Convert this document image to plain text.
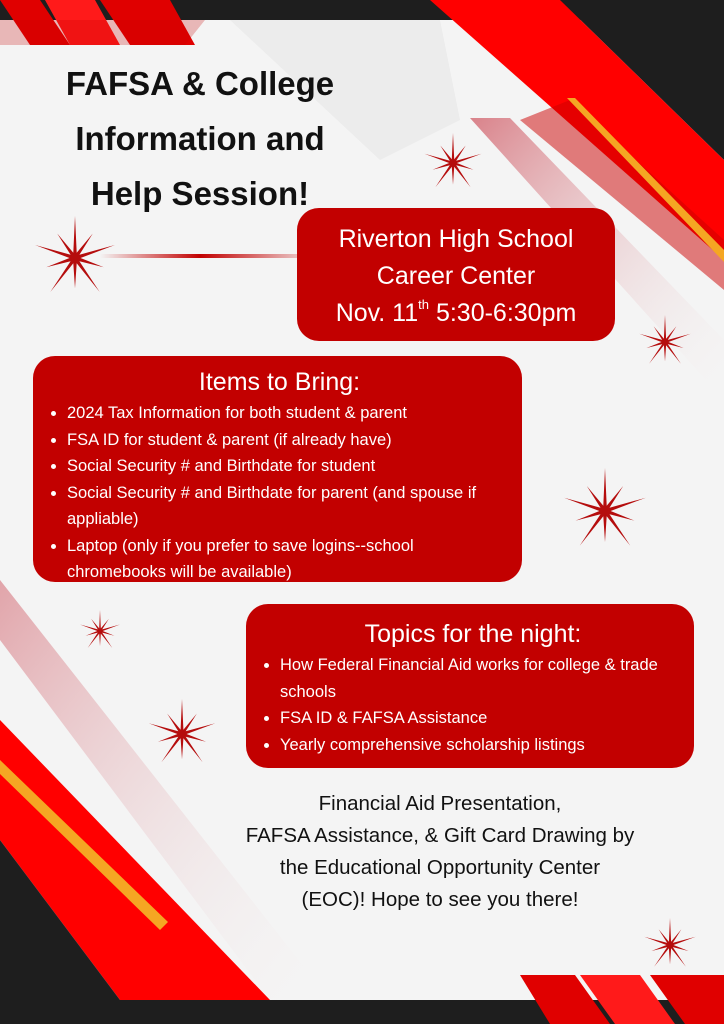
FAFSA & College
Information and
Help Session!
Riverton High School
Career Center
Nov. 11th 5:30-6:30pm
Items to Bring:
• 2024 Tax Information for both student & parent
• FSA ID for student & parent (if already have)
• Social Security # and Birthdate for student
• Social Security # and Birthdate for parent (and spouse if appliable)
• Laptop (only if you prefer to save logins--school chromebooks will be available)
Topics for the night:
• How Federal Financial Aid works for college & trade schools
• FSA ID & FAFSA Assistance
• Yearly comprehensive scholarship listings
Financial Aid Presentation,
FAFSA Assistance, & Gift Card Drawing by
the Educational Opportunity Center
(EOC)! Hope to see you there!
